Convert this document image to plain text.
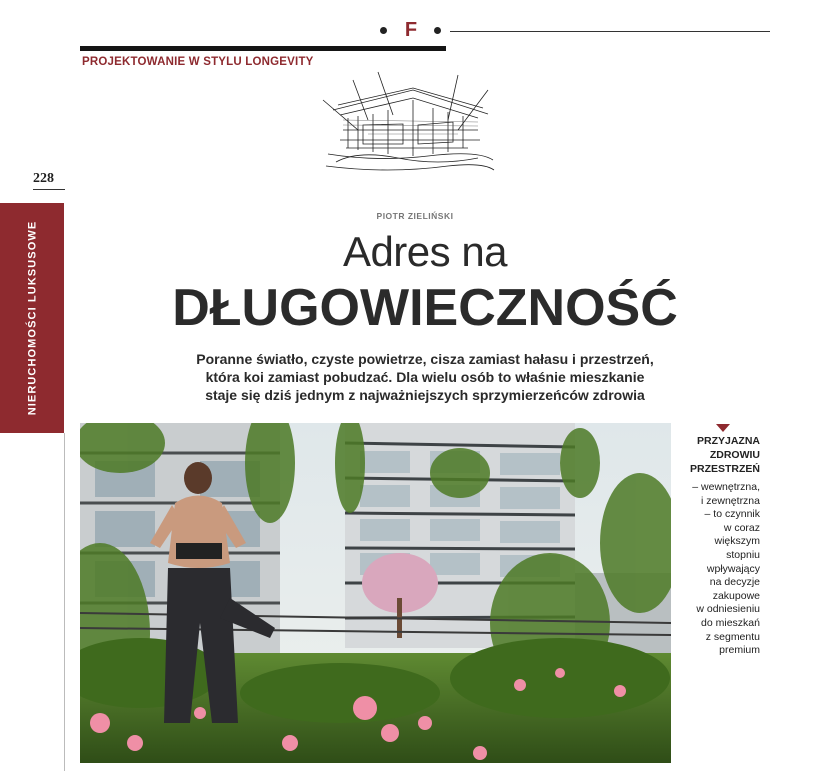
F
PROJEKTOWANIE W STYLU LONGEVITY
228
NIERUCHOMOŚCI LUKSUSOWE
PIOTR ZIELIŃSKI
Adres na
DŁUGOWIECZNOŚĆ
Poranne światło, czyste powietrze, cisza zamiast hałasu i przestrzeń,
która koi zamiast pobudzać. Dla wielu osób to właśnie mieszkanie
staje się dziś jednym z najważniejszych sprzymierzeńców zdrowia
PRZYJAZNA
ZDROWIU
PRZESTRZEŃ
– wewnętrzna,
i zewnętrzna
– to czynnik
w coraz
większym
stopniu
wpływający
na decyzje
zakupowe
w odniesieniu
do mieszkań
z segmentu
premium
